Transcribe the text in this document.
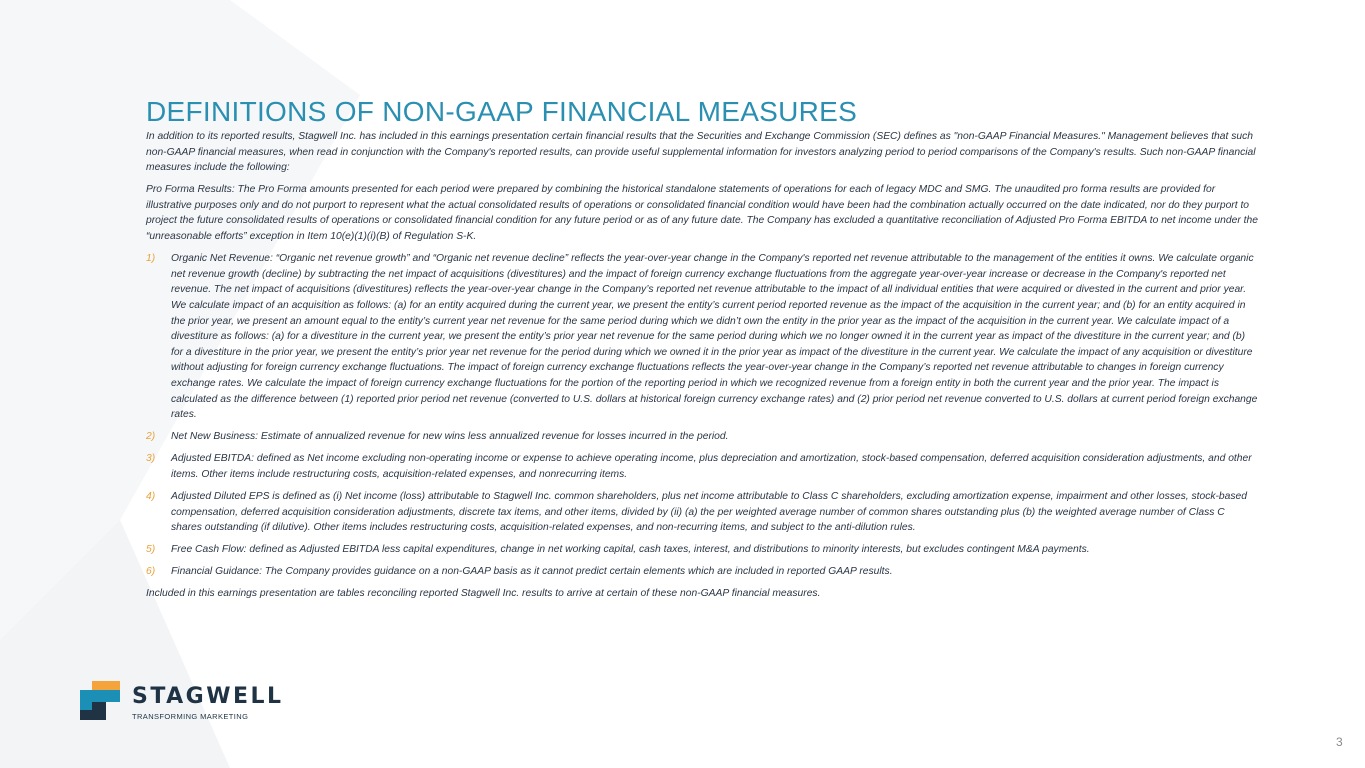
DEFINITIONS OF NON-GAAP FINANCIAL MEASURES

In addition to its reported results, Stagwell Inc. has included in this earnings presentation certain financial results that the Securities and Exchange Commission (SEC) defines as "non-GAAP Financial Measures." Management believes that such non-GAAP financial measures, when read in conjunction with the Company's reported results, can provide useful supplemental information for investors analyzing period to period comparisons of the Company's results. Such non-GAAP financial measures include the following:

Pro Forma Results: The Pro Forma amounts presented for each period were prepared by combining the historical standalone statements of operations for each of legacy MDC and SMG. The unaudited pro forma results are provided for illustrative purposes only and do not purport to represent what the actual consolidated results of operations or consolidated financial condition would have been had the combination actually occurred on the date indicated, nor do they purport to project the future consolidated results of operations or consolidated financial condition for any future period or as of any future date. The Company has excluded a quantitative reconciliation of Adjusted Pro Forma EBITDA to net income under the “unreasonable efforts” exception in Item 10(e)(1)(i)(B) of Regulation S-K.

1) Organic Net Revenue: “Organic net revenue growth” and “Organic net revenue decline” reflects the year-over-year change in the Company's reported net revenue attributable to the management of the entities it owns. We calculate organic net revenue growth (decline) by subtracting the net impact of acquisitions (divestitures) and the impact of foreign currency exchange fluctuations from the aggregate year-over-year increase or decrease in the Company's reported net revenue. The net impact of acquisitions (divestitures) reflects the year-over-year change in the Company’s reported net revenue attributable to the impact of all individual entities that were acquired or divested in the current and prior year. We calculate impact of an acquisition as follows: (a) for an entity acquired during the current year, we present the entity’s current period reported revenue as the impact of the acquisition in the current year; and (b) for an entity acquired in the prior year, we present an amount equal to the entity’s current year net revenue for the same period during which we didn’t own the entity in the prior year as the impact of the acquisition in the current year. We calculate impact of a divestiture as follows: (a) for a divestiture in the current year, we present the entity’s prior year net revenue for the same period during which we no longer owned it in the current year as impact of the divestiture in the current year; and (b) for a divestiture in the prior year, we present the entity’s prior year net revenue for the period during which we owned it in the prior year as impact of the divestiture in the current year. We calculate the impact of any acquisition or divestiture without adjusting for foreign currency exchange fluctuations. The impact of foreign currency exchange fluctuations reflects the year-over-year change in the Company’s reported net revenue attributable to changes in foreign currency exchange rates. We calculate the impact of foreign currency exchange fluctuations for the portion of the reporting period in which we recognized revenue from a foreign entity in both the current year and the prior year. The impact is calculated as the difference between (1) reported prior period net revenue (converted to U.S. dollars at historical foreign currency exchange rates) and (2) prior period net revenue converted to U.S. dollars at current period foreign exchange rates.
2) Net New Business: Estimate of annualized revenue for new wins less annualized revenue for losses incurred in the period.
3) Adjusted EBITDA: defined as Net income excluding non-operating income or expense to achieve operating income, plus depreciation and amortization, stock-based compensation, deferred acquisition consideration adjustments, and other items. Other items include restructuring costs, acquisition-related expenses, and nonrecurring items.
4) Adjusted Diluted EPS is defined as (i) Net income (loss) attributable to Stagwell Inc. common shareholders, plus net income attributable to Class C shareholders, excluding amortization expense, impairment and other losses, stock-based compensation, deferred acquisition consideration adjustments, discrete tax items, and other items, divided by (ii) (a) the per weighted average number of common shares outstanding plus (b) the weighted average number of Class C shares outstanding (if dilutive). Other items includes restructuring costs, acquisition-related expenses, and non-recurring items, and subject to the anti-dilution rules.
5) Free Cash Flow: defined as Adjusted EBITDA less capital expenditures, change in net working capital, cash taxes, interest, and distributions to minority interests, but excludes contingent M&A payments.
6) Financial Guidance: The Company provides guidance on a non-GAAP basis as it cannot predict certain elements which are included in reported GAAP results.

Included in this earnings presentation are tables reconciling reported Stagwell Inc. results to arrive at certain of these non-GAAP financial measures.

STAGWELL
TRANSFORMING MARKETING
3
